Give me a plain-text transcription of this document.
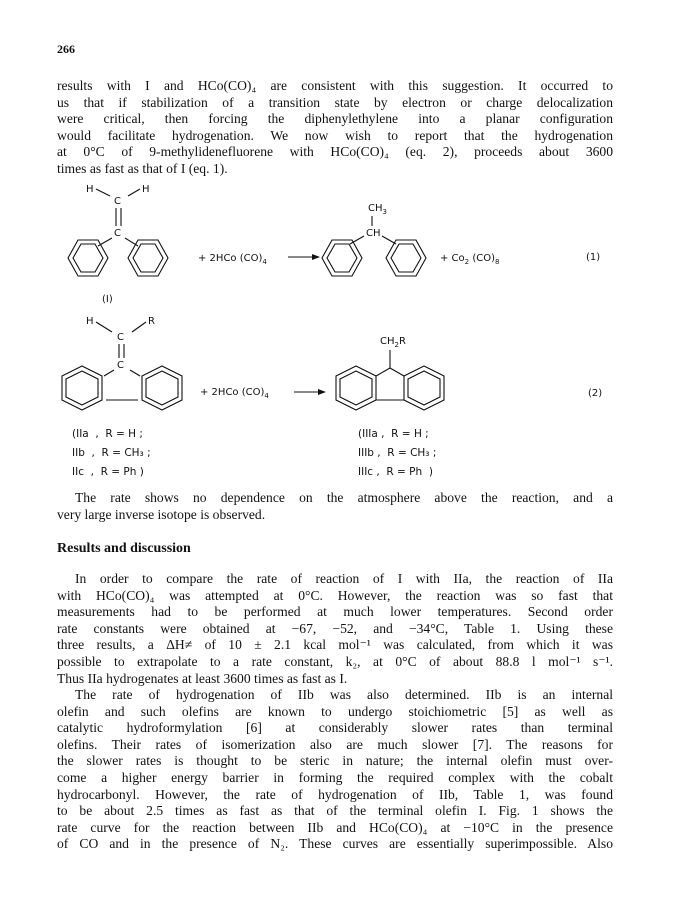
266

results with I and HCo(CO)₄ are consistent with this suggestion. It occurred to
us that if stabilization of a transition state by electron or charge delocalization
were critical, then forcing the diphenylethylene into a planar configuration
would facilitate hydrogenation. We now wish to report that the hydrogenation
at 0°C of 9-methylidenefluorene with HCo(CO)₄ (eq. 2), proceeds about 3600
times as fast as that of I (eq. 1).

H	H
C
C
+ 2HCo $(CO)_4$
$CH_3$
CH
+ $Co_2$ $(CO)_8$	(1)
(I)
H	R
C
C
+ 2HCo $(CO)_4$
$CH_2R$
(2)
(IIa  ,  R = H ;
IIb  ,  R = CH₃ ;
IIc  ,  R = Ph )
(IIIa ,  R = H ;
IIIb ,  R = CH₃ ;
IIIc ,  R = Ph  )

The rate shows no dependence on the atmosphere above the reaction, and a
very large inverse isotope is observed.

Results and discussion

In order to compare the rate of reaction of I with IIa, the reaction of IIa
with HCo(CO)₄ was attempted at 0°C. However, the reaction was so fast that
measurements had to be performed at much lower temperatures. Second order
rate constants were obtained at −67, −52, and −34°C, Table 1. Using these
three results, a ΔH≠ of 10 ± 2.1 kcal mol⁻¹ was calculated, from which it was
possible to extrapolate to a rate constant, k₂, at 0°C of about 88.8 l mol⁻¹ s⁻¹.
Thus IIa hydrogenates at least 3600 times as fast as I.

The rate of hydrogenation of IIb was also determined. IIb is an internal
olefin and such olefins are known to undergo stoichiometric [5] as well as
catalytic hydroformylation [6] at considerably slower rates than terminal
olefins. Their rates of isomerization also are much slower [7]. The reasons for
the slower rates is thought to be steric in nature; the internal olefin must over-
come a higher energy barrier in forming the required complex with the cobalt
hydrocarbonyl. However, the rate of hydrogenation of IIb, Table 1, was found
to be about 2.5 times as fast as that of the terminal olefin I. Fig. 1 shows the
rate curve for the reaction between IIb and HCo(CO)₄ at −10°C in the presence
of CO and in the presence of N₂. These curves are essentially superimpossible. Also
